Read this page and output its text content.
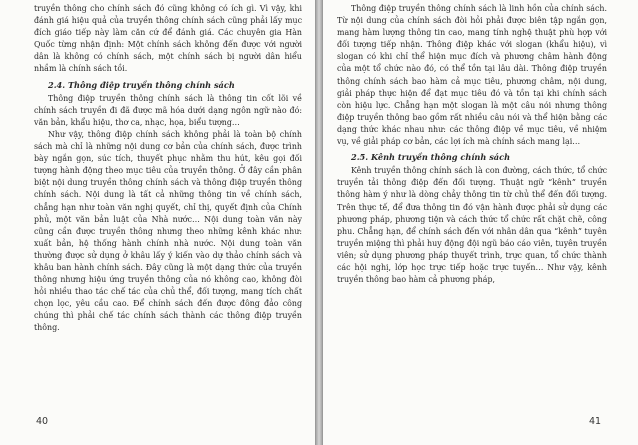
truyền thông cho chính sách đó cũng không có ích gì. Vì vậy, khi đánh giá hiệu quả của truyền thông chính sách cũng phải lấy mục đích giáo tiếp này làm căn cứ để đánh giá. Các chuyên gia Hàn Quốc từng nhận định: Một chính sách không đến được với người dân là không có chính sách, một chính sách bị người dân hiểu nhầm là chính sách tồi.

2.4. Thông điệp truyền thông chính sách

Thông điệp truyền thông chính sách là thông tin cốt lõi về chính sách truyền đi đã được mã hóa dưới dạng ngôn ngữ nào đó: văn bản, khẩu hiệu, thơ ca, nhạc, họa, biểu tượng…

Như vậy, thông điệp chính sách không phải là toàn bộ chính sách mà chỉ là những nội dung cơ bản của chính sách, được trình bày ngắn gọn, súc tích, thuyết phục nhằm thu hút, kêu gọi đối tượng hành động theo mục tiêu của truyền thông. Ở đây cần phân biệt nội dung truyền thông chính sách và thông điệp truyền thông chính sách. Nội dung là tất cả những thông tin về chính sách, chẳng hạn như toàn văn nghị quyết, chỉ thị, quyết định của Chính phủ, một văn bản luật của Nhà nước… Nội dung toàn văn này cũng cần được truyền thông nhưng theo những kênh khác như: xuất bản, hệ thống hành chính nhà nước. Nội dung toàn văn thường được sử dụng ở khâu lấy ý kiến vào dự thảo chính sách và khâu ban hành chính sách. Đây cũng là một dạng thức của truyền thông nhưng hiệu ứng truyền thông của nó không cao, không đòi hỏi nhiều thao tác chế tác của chủ thể, đối tượng, mang tích chất chọn lọc, yêu cầu cao. Để chính sách đến được đông đảo công chúng thì phải chế tác chính sách thành các thông điệp truyền thông.

40

Thông điệp truyền thông chính sách là linh hồn của chính sách. Từ nội dung của chính sách đòi hỏi phải được biên tập ngắn gọn, mang hàm lượng thông tin cao, mang tính nghệ thuật phù hợp với đối tượng tiếp nhận. Thông điệp khác với slogan (khẩu hiệu), vì slogan có khi chỉ thể hiện mục đích và phương châm hành động của một tổ chức nào đó, có thể tồn tại lâu dài. Thông điệp truyền thông chính sách bao hàm cả mục tiêu, phương châm, nội dung, giải pháp thực hiện để đạt mục tiêu đó và tồn tại khi chính sách còn hiệu lực. Chẳng hạn một slogan là một câu nói nhưng thông điệp truyền thông bao gồm rất nhiều câu nói và thể hiện bằng các dạng thức khác nhau như: các thông điệp về mục tiêu, về nhiệm vụ, về giải pháp cơ bản, các lợi ích mà chính sách mang lại…

2.5. Kênh truyền thông chính sách

Kênh truyền thông chính sách là con đường, cách thức, tổ chức truyền tải thông điệp đến đối tượng. Thuật ngữ “kênh” truyền thông hàm ý như là dòng chảy thông tin từ chủ thể đến đối tượng. Trên thực tế, để đưa thông tin đó vận hành được phải sử dụng các phương pháp, phương tiện và cách thức tổ chức rất chặt chẽ, công phu. Chẳng hạn, để chính sách đến với nhân dân qua “kênh” tuyên truyền miệng thì phải huy động đội ngũ báo cáo viên, tuyên truyền viên; sử dụng phương pháp thuyết trình, trực quan, tổ chức thành các hội nghị, lớp học trực tiếp hoặc trực tuyến… Như vậy, kênh truyền thông bao hàm cả phương pháp,

41
